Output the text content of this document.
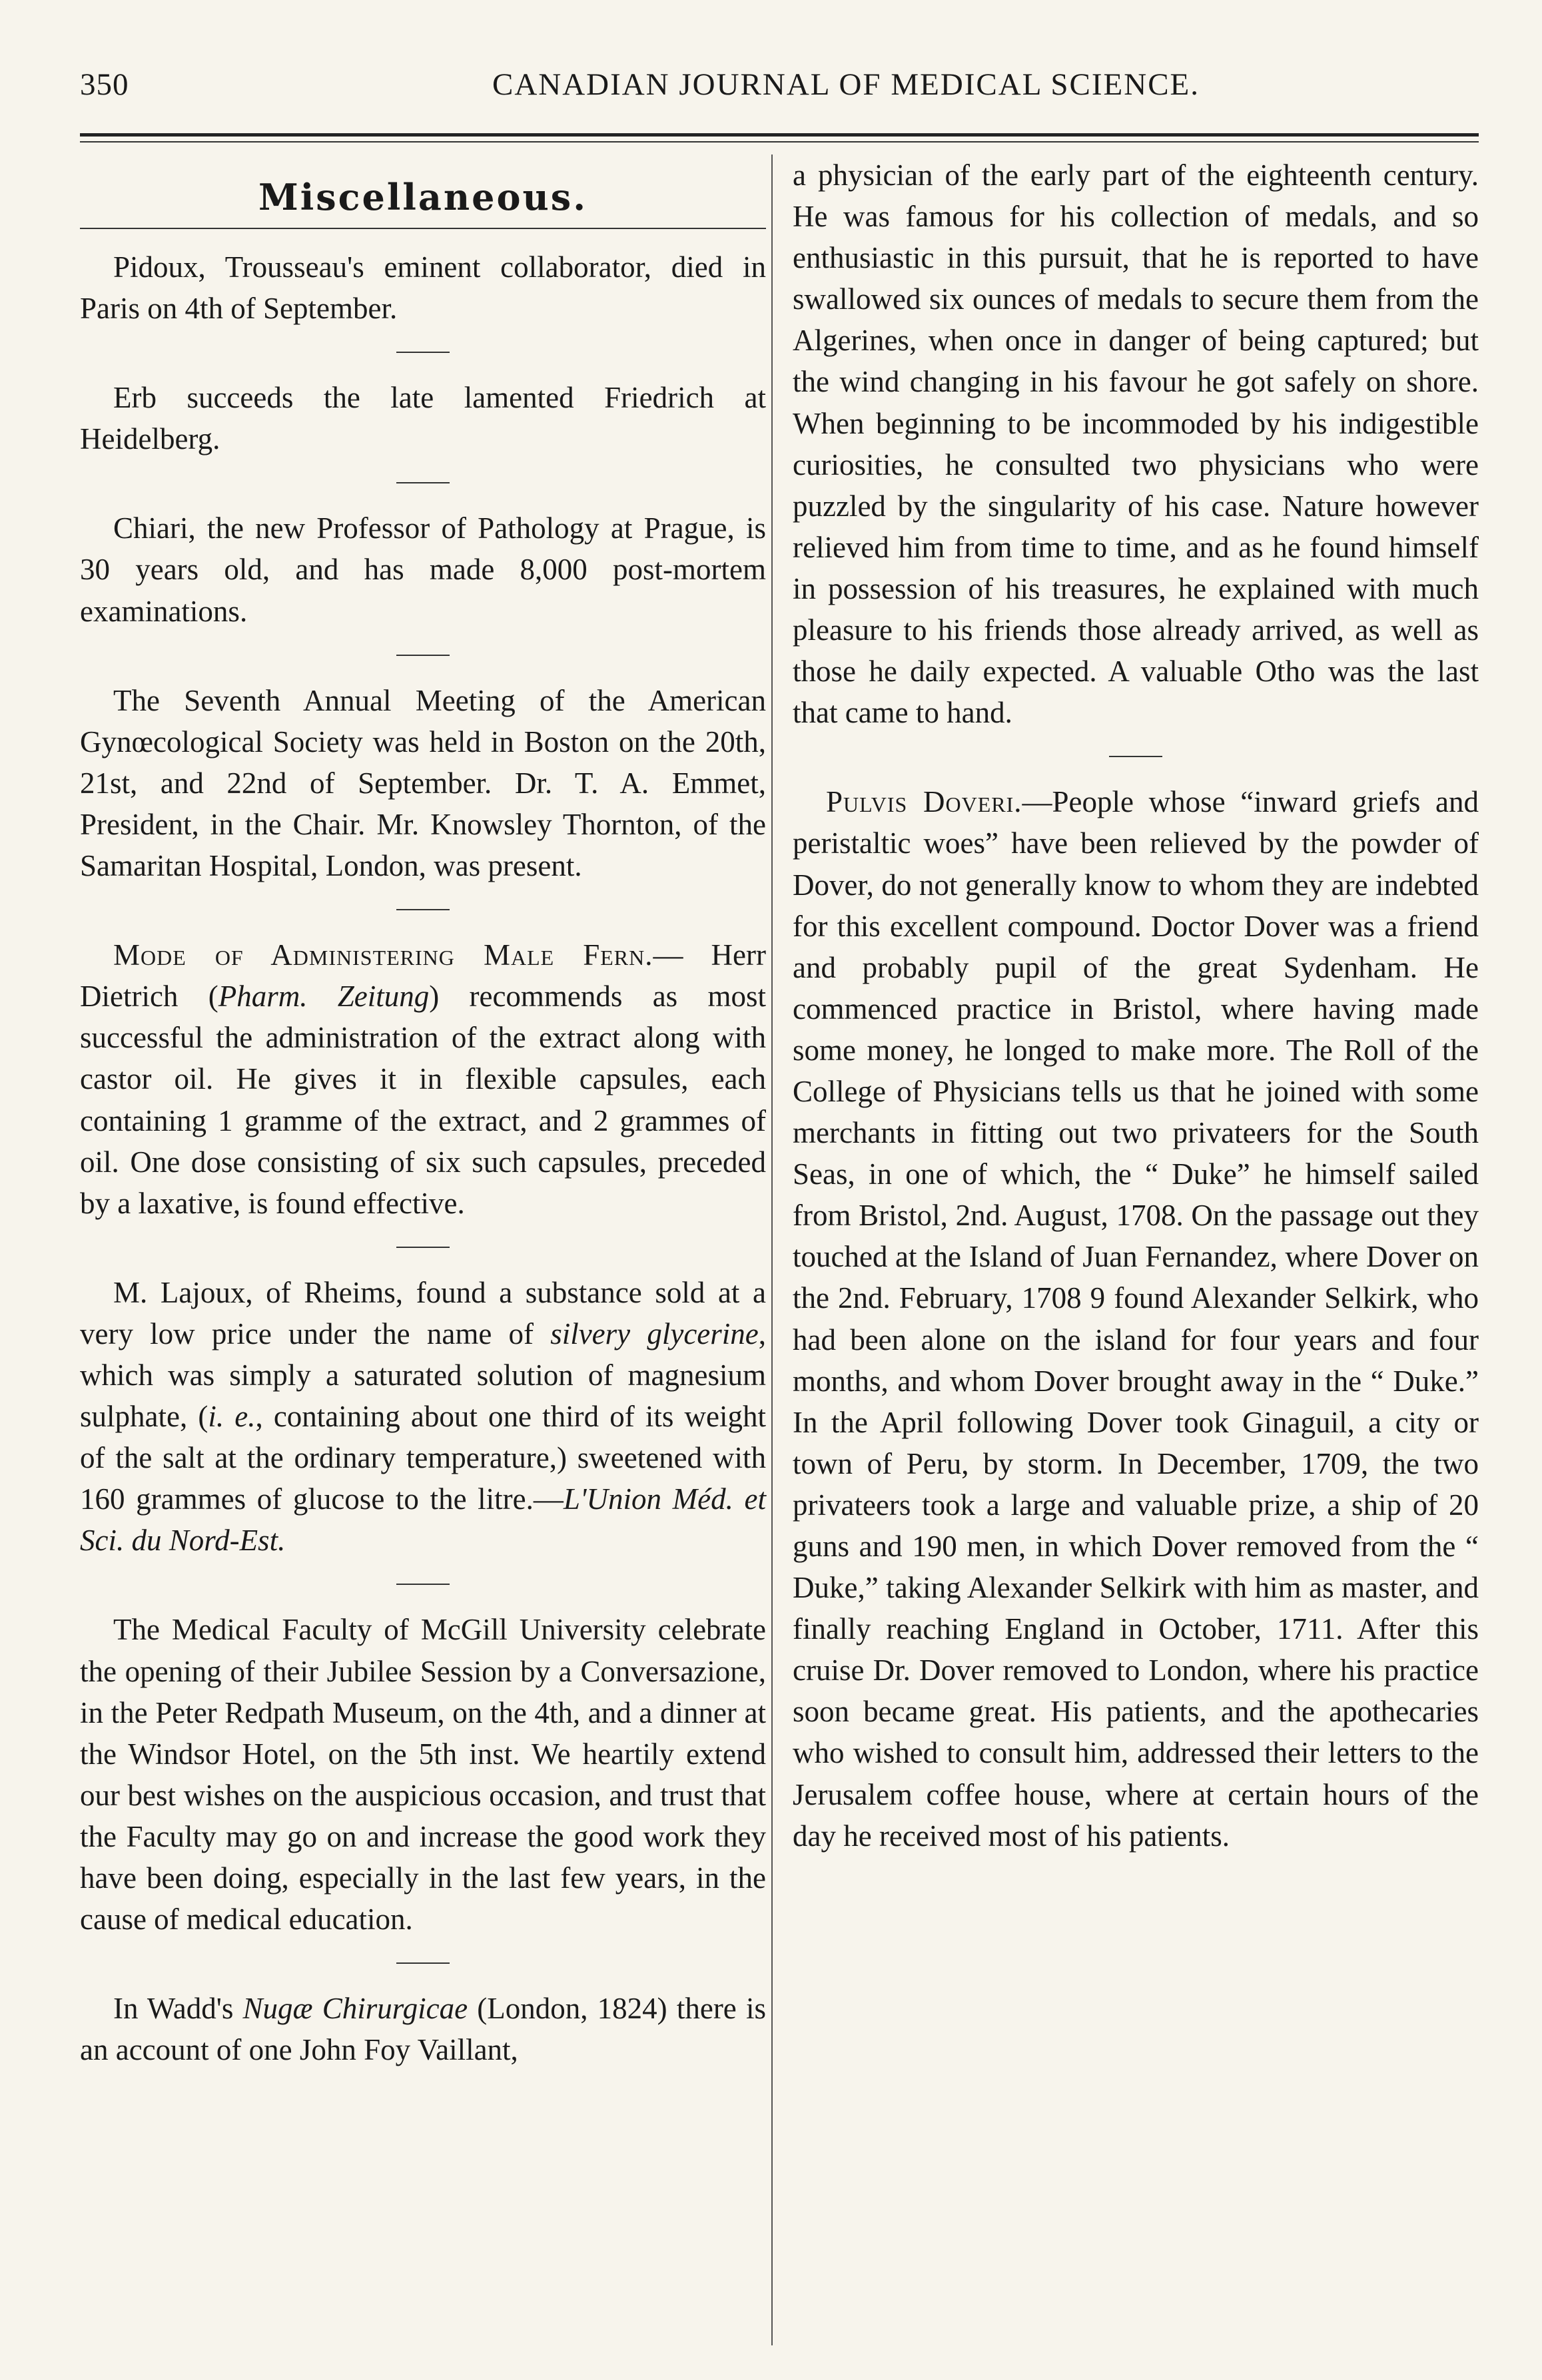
350	CANADIAN JOURNAL OF MEDICAL SCIENCE.
Miscellaneous.

Pidoux, Trousseau's eminent collaborator, died in Paris on 4th of September.

Erb succeeds the late lamented Friedrich at Heidelberg.

Chiari, the new Professor of Pathology at Prague, is 30 years old, and has made 8,000 post-mortem examinations.

The Seventh Annual Meeting of the American Gynœcological Society was held in Boston on the 20th, 21st, and 22nd of September. Dr. T. A. Emmet, President, in the Chair. Mr. Knowsley Thornton, of the Samaritan Hospital, London, was present.

Mode of Administering Male Fern.— Herr Dietrich (Pharm. Zeitung) recommends as most successful the administration of the extract along with castor oil. He gives it in flexible capsules, each containing 1 gramme of the extract, and 2 grammes of oil. One dose consisting of six such capsules, preceded by a laxative, is found effective.

M. Lajoux, of Rheims, found a substance sold at a very low price under the name of silvery glycerine, which was simply a saturated solution of magnesium sulphate, (i. e., containing about one third of its weight of the salt at the ordinary temperature,) sweetened with 160 grammes of glucose to the litre.—L'Union Méd. et Sci. du Nord-Est.

The Medical Faculty of McGill University celebrate the opening of their Jubilee Session by a Conversazione, in the Peter Redpath Museum, on the 4th, and a dinner at the Windsor Hotel, on the 5th inst. We heartily extend our best wishes on the auspicious occasion, and trust that the Faculty may go on and increase the good work they have been doing, especially in the last few years, in the cause of medical education.

In Wadd's Nugæ Chirurgicae (London, 1824) there is an account of one John Foy Vaillant,

a physician of the early part of the eighteenth century. He was famous for his collection of medals, and so enthusiastic in this pursuit, that he is reported to have swallowed six ounces of medals to secure them from the Algerines, when once in danger of being captured; but the wind changing in his favour he got safely on shore. When beginning to be incommoded by his indigestible curiosities, he consulted two physicians who were puzzled by the singularity of his case. Nature however relieved him from time to time, and as he found himself in possession of his treasures, he explained with much pleasure to his friends those already arrived, as well as those he daily expected. A valuable Otho was the last that came to hand.

Pulvis Doveri.—People whose “inward griefs and peristaltic woes” have been relieved by the powder of Dover, do not generally know to whom they are indebted for this excellent compound. Doctor Dover was a friend and probably pupil of the great Sydenham. He commenced practice in Bristol, where having made some money, he longed to make more. The Roll of the College of Physicians tells us that he joined with some merchants in fitting out two privateers for the South Seas, in one of which, the “ Duke” he himself sailed from Bristol, 2nd. August, 1708. On the passage out they touched at the Island of Juan Fernandez, where Dover on the 2nd. February, 1708 9 found Alexander Selkirk, who had been alone on the island for four years and four months, and whom Dover brought away in the “ Duke.” In the April following Dover took Ginaguil, a city or town of Peru, by storm. In December, 1709, the two privateers took a large and valuable prize, a ship of 20 guns and 190 men, in which Dover removed from the “ Duke,” taking Alexander Selkirk with him as master, and finally reaching England in October, 1711. After this cruise Dr. Dover removed to London, where his practice soon became great. His patients, and the apothecaries who wished to consult him, addressed their letters to the Jerusalem coffee house, where at certain hours of the day he received most of his patients.
